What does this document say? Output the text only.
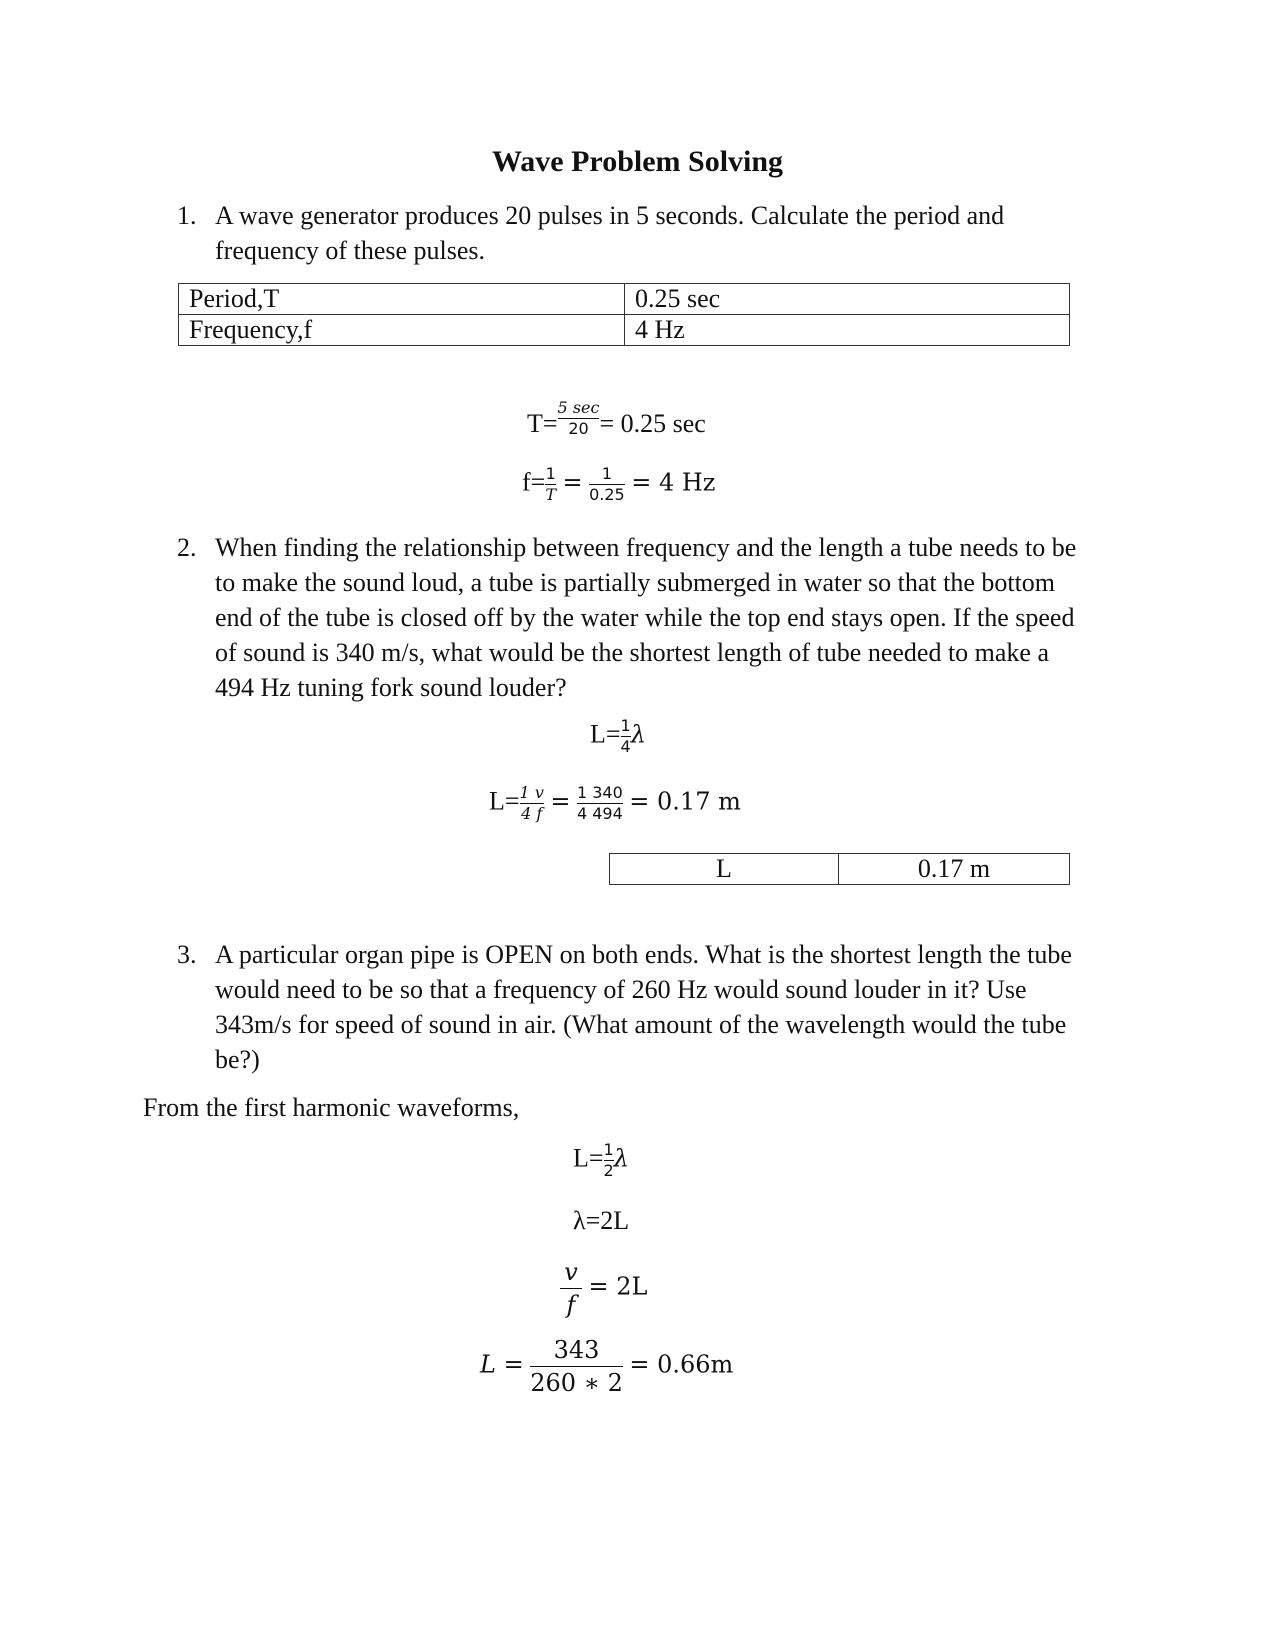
Wave Problem Solving
1. A wave generator produces 20 pulses in 5 seconds. Calculate the period and frequency of these pulses.
Period,T	0.25 sec
Frequency,f	4 Hz
$T= \frac{5 \sec}{20} = 0.25$ sec
$f= \frac{1}{T} = \frac{1}{0.25} = 4$ Hz
2. When finding the relationship between frequency and the length a tube needs to be to make the sound loud, a tube is partially submerged in water so that the bottom end of the tube is closed off by the water while the top end stays open. If the speed of sound is 340 m/s, what would be the shortest length of tube needed to make a 494 Hz tuning fork sound louder?
$L= \frac{1}{4}$ λ
$L= \frac{1 v}{4 f} = \frac{1 340}{4 494} = 0.17$ m
L	0.17 m
3. A particular organ pipe is OPEN on both ends. What is the shortest length the tube would need to be so that a frequency of 260 Hz would sound louder in it? Use 343m/s for speed of sound in air. (What amount of the wavelength would the tube be?)
From the first harmonic waveforms,
$L= \frac{1}{2}$ λ
λ=2L
$\frac{v}{f} = 2L$
$L = \frac{343}{260 ∗ 2} = 0.66m$
